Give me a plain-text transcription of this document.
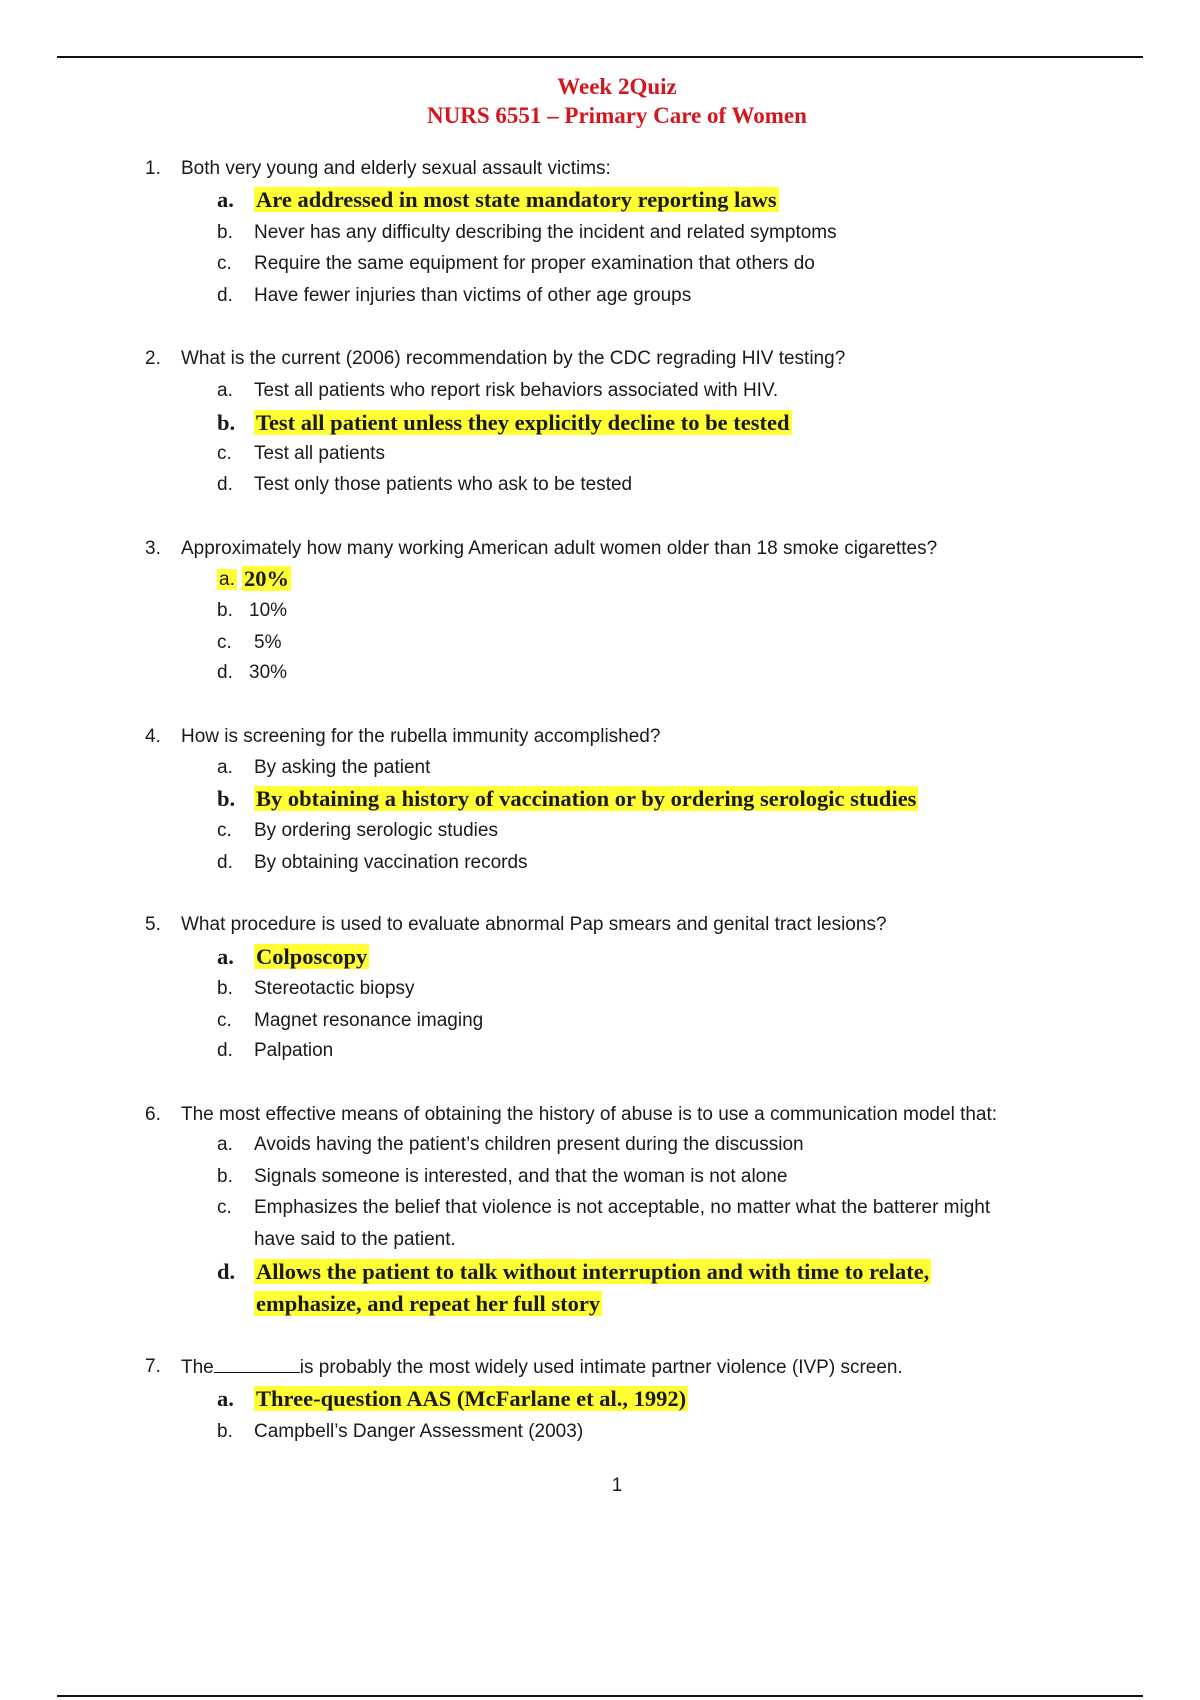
Week 2Quiz
NURS 6551 – Primary Care of Women
1. Both very young and elderly sexual assault victims:
a. Are addressed in most state mandatory reporting laws
b. Never has any difficulty describing the incident and related symptoms
c. Require the same equipment for proper examination that others do
d. Have fewer injuries than victims of other age groups
2. What is the current (2006) recommendation by the CDC regrading HIV testing?
a. Test all patients who report risk behaviors associated with HIV.
b. Test all patient unless they explicitly decline to be tested
c. Test all patients
d. Test only those patients who ask to be tested
3. Approximately how many working American adult women older than 18 smoke cigarettes?
a. 20%
b. 10%
c. 5%
d. 30%
4. How is screening for the rubella immunity accomplished?
a. By asking the patient
b. By obtaining a history of vaccination or by ordering serologic studies
c. By ordering serologic studies
d. By obtaining vaccination records
5. What procedure is used to evaluate abnormal Pap smears and genital tract lesions?
a. Colposcopy
b. Stereotactic biopsy
c. Magnet resonance imaging
d. Palpation
6. The most effective means of obtaining the history of abuse is to use a communication model that:
a. Avoids having the patient’s children present during the discussion
b. Signals someone is interested, and that the woman is not alone
c. Emphasizes the belief that violence is not acceptable, no matter what the batterer might
have said to the patient.
d. Allows the patient to talk without interruption and with time to relate,
emphasize, and repeat her full story
7. The	is probably the most widely used intimate partner violence (IVP) screen.
a. Three-question AAS (McFarlane et al., 1992)
b. Campbell’s Danger Assessment (2003)
1
